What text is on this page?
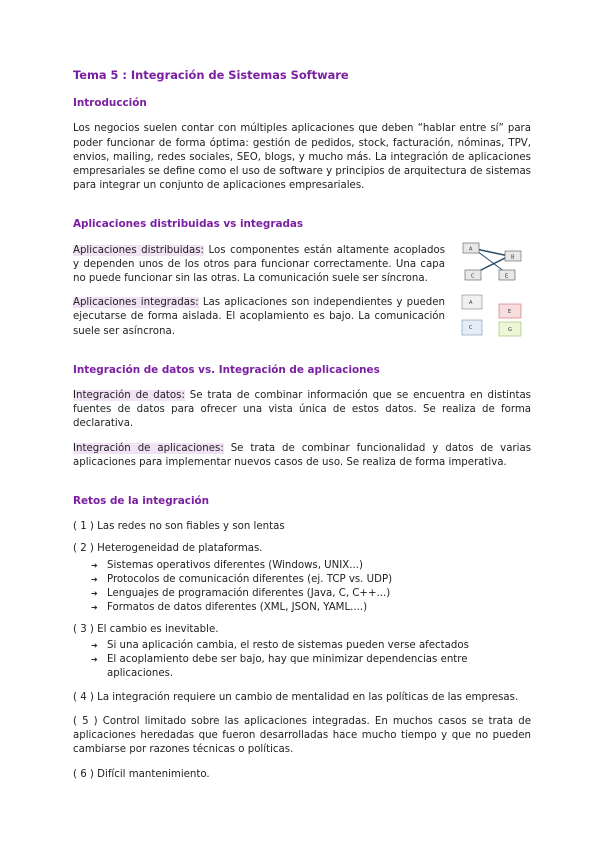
Tema 5 : Integración de Sistemas Software
Introducción

Los negocios suelen contar con múltiples aplicaciones que deben “hablar entre sí” para poder funcionar de forma óptima: gestión de pedidos, stock, facturación, nóminas, TPV, envios, mailing, redes sociales, SEO, blogs, y mucho más. La integración de aplicaciones empresariales se define como el uso de software y principios de arquitectura de sistemas para integrar un conjunto de aplicaciones empresariales.

Aplicaciones distribuidas vs integradas

Aplicaciones distribuidas: Los componentes están altamente acoplados y dependen unos de los otros para funcionar correctamente. Una capa no puede funcionar sin las otras. La comunicación suele ser síncrona.

A
B
C	E

Aplicaciones integradas: Las aplicaciones son independientes y pueden ejecutarse de forma aislada. El acoplamiento es bajo. La comunicación suele ser asíncrona.

A
E
C	G
Integración de datos vs. Integración de aplicaciones

Integración de datos: Se trata de combinar información que se encuentra en distintas fuentes de datos para ofrecer una vista única de estos datos. Se realiza de forma declarativa.

Integración de aplicaciones: Se trata de combinar funcionalidad y datos de varias aplicaciones para implementar nuevos casos de uso. Se realiza de forma imperativa.

Retos de la integración

( 1 ) Las redes no son fiables y son lentas

( 2 ) Heterogeneidad de plataformas.

➔ Sistemas operativos diferentes (Windows, UNIX...)
➔ Protocolos de comunicación diferentes (ej. TCP vs. UDP)
➔ Lenguajes de programación diferentes (Java, C, C++...)
➔ Formatos de datos diferentes (XML, JSON, YAML....)

( 3 ) El cambio es inevitable.

➔ Si una aplicación cambia, el resto de sistemas pueden verse afectados
➔ El acoplamiento debe ser bajo, hay que minimizar dependencias entre aplicaciones.

( 4 ) La integración requiere un cambio de mentalidad en las políticas de las empresas.

( 5 ) Control limitado sobre las aplicaciones integradas. En muchos casos se trata de aplicaciones heredadas que fueron desarrolladas hace mucho tiempo y que no pueden cambiarse por razones técnicas o políticas.

( 6 ) Difícil mantenimiento.
